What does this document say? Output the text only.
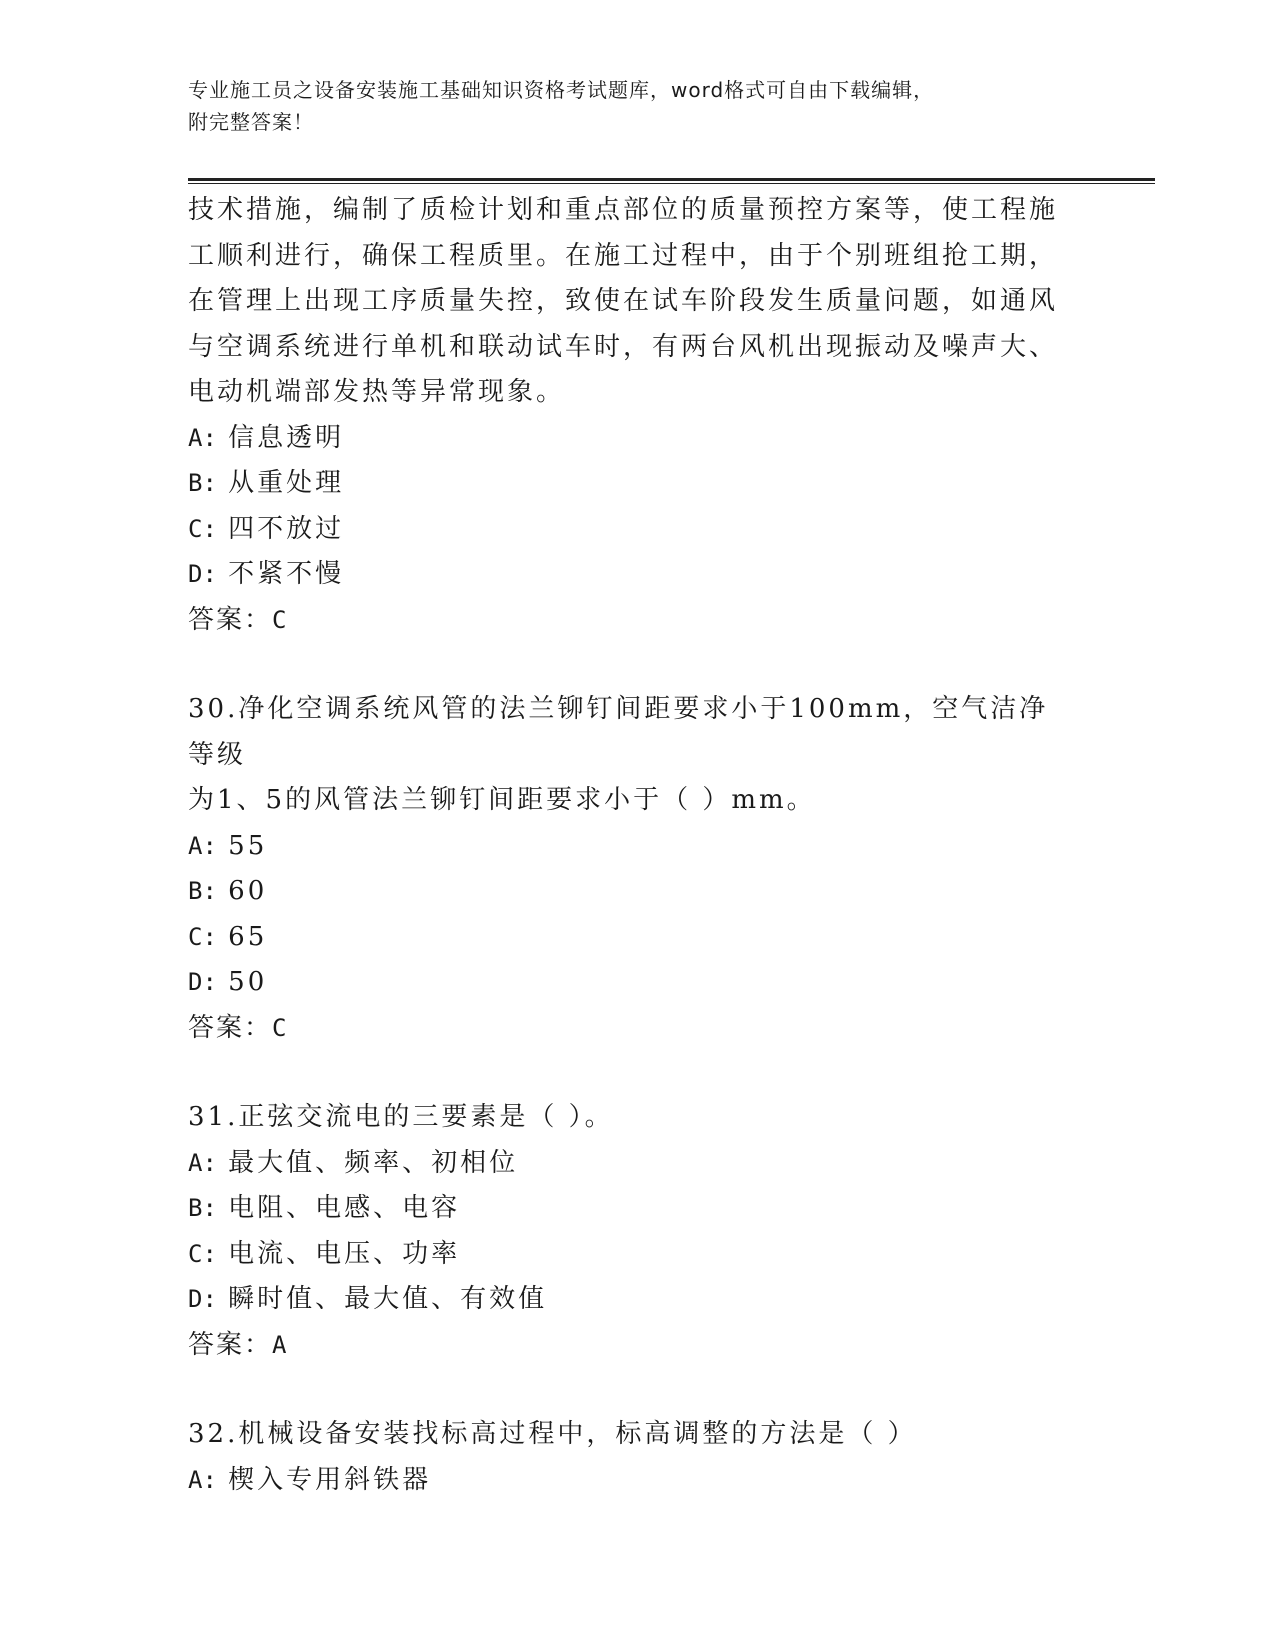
专业施工员之设备安装施工基础知识资格考试题库，word格式可自由下载编辑，
附完整答案！
技术措施，编制了质检计划和重点部位的质量预控方案等，使工程施
工顺利进行，确保工程质里。在施工过程中，由于个别班组抢工期，
在管理上出现工序质量失控，致使在试车阶段发生质量问题，如通风
与空调系统进行单机和联动试车时，有两台风机出现振动及噪声大、
电动机端部发热等异常现象。
A: 信息透明
B: 从重处理
C: 四不放过
D: 不紧不慢
答案：C
30.净化空调系统风管的法兰铆钉间距要求小于100mm，空气洁净等级
为1、5的风管法兰铆钉间距要求小于（ ）mm。
A: 55
B: 60
C: 65
D: 50
答案：C
31.正弦交流电的三要素是（ ）。
A: 最大值、频率、初相位
B: 电阻、电感、电容
C: 电流、电压、功率
D: 瞬时值、最大值、有效值
答案：A
32.机械设备安装找标高过程中，标高调整的方法是（ ）
A: 楔入专用斜铁器
